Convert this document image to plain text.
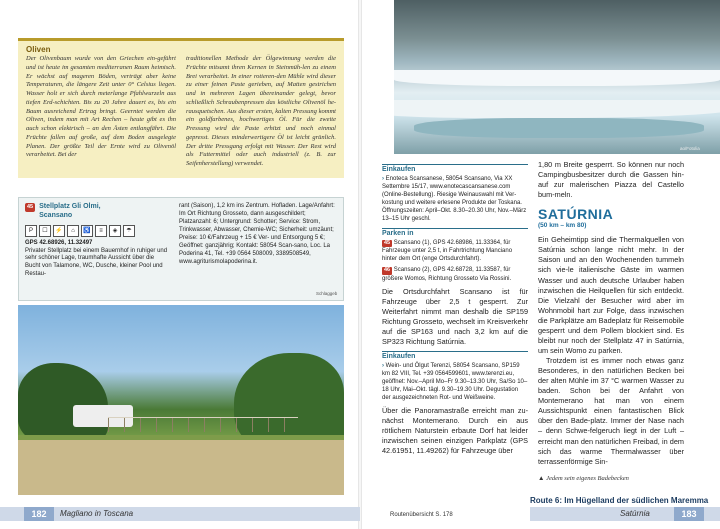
Oliven

Der Olivenbaum wurde von den Griechen ein-geführt und ist heute im gesamten mediterranen Raum heimisch. Er wächst auf mageren Böden, verträgt aber keine Temperaturen, die längere Zeit unter 0° Celsius liegen. Wasser holt er sich durch meterlange Pfahlwurzeln aus tiefen Erd-schichten. Bis zu 20 Jahre dauert es, bis ein Baum ausreichend Ertrag bringt. Geerntet werden die Oliven, indem man mit Art Rechen – heute gibt es ihn auch schon elektrisch – an den Ästen entlangfährt. Die Früchte fallen auf große, auf dem Boden ausgelegte Planen. Der größte Teil der Ernte wird zu Olivenöl verarbeitet. Bei der

traditionellen Methode der Ölgewinnung werden die Früchte mitsamt ihren Kernen in Steinmüh-len zu einem Brei verarbeitet. In einer rotieren-den Mühle wird dieser zu einer feinen Paste gerieben, auf Matten gestrichen und in mehreren Lagen übereinander gelegt, bevor schließlich Schraubenpressen das köstliche Olivenöl he-rausquetschen. Aus dieser ersten, kalten Pressung kommt ein goldfarbenes, hochwertiges Öl. Für die zweite Pressung wird die Paste erhitzt und noch einmal gepresst. Dieses minderwertigere Öl ist leicht grünlich. Der dritte Pressgang erfolgt mit Wasser. Der Rest wird als Futtermittel oder auch industriell (z. B. zur Seifenherstellung) verwendet.

45 Stellplatz Gli Olmi,
Scansano
P	☐	⚡	⌂	♿	≡	◈	☂
GPS 42.68926, 11.32497

Privater Stellplatz bei einem Bauernhof in ruhiger und sehr schöner Lage, traumhafte Aussicht über die Bucht von Talamone, WC, Dusche, kleiner Pool und Restau-

rant (Saison), 1,2 km ins Zentrum. Hofladen. Lage/Anfahrt: Im Ort Richtung Grosseto, dann ausgeschildert; Platzanzahl: 6; Untergrund: Schotter; Service: Strom, Trinkwasser, Abwasser, Chemie-WC; Sicherheit: umzäunt; Preise: 10 €/Fahrzeug + 15 € Ver- und Entsorgung 5 €; Geöffnet: ganzjährig; Kontakt: 58054 Scan-sano, Loc. La Poderina 41, Tel. +39 0564 508009, 3389508549, www.agriturismolapoderina.it.
Schlaggeb
ao/Fotolia
Einkaufen

› Enoteca Scansanese, 58054 Scansano, Via XX Settembre 15/17, www.enotecascansanese.com (Online-Bestellung). Riesige Weinauswahl mit Ver-kostung und weitere erlesene Produkte der Toskana. Öffnungszeiten: April–Okt. 8.30–20.30 Uhr, Nov.–März 13–15 Uhr geschl.

Parken in

45 Scansano (1), GPS 42.68986, 11.33364, für Fahrzeuge unter 2,5 t, in Fahrtrichtung Manciano hinter dem Ort (enge Ortsdurchfahrt).

46 Scansano (2), GPS 42.68728, 11.33587, für größere Womos, Richtung Grosseto Via Rossini.

Die Ortsdurchfahrt Scansano ist für Fahrzeuge über 2,5 t gesperrt. Zur Weiterfahrt nimmt man deshalb die SP159 Richtung Grosseto, wechselt im Kreisverkehr auf die SP163 und nach 3,2 km auf die SP323 Richtung Satúrnia.

Einkaufen

› Wein- und Ölgut Terenzi, 58054 Scansano, SP159 km 82 VIII, Tel. +39 0564599601, www.terenzi.eu, geöffnet: Nov.–April Mo–Fr 9.30–13.30 Uhr, Sa/So 10–18 Uhr, Mai–Okt. tägl. 9.30–19.30 Uhr. Degustation der ausgezeichneten Rot- und Weißweine.

Über die Panoramastraße erreicht man zu-nächst Montemerano. Durch ein aus rötlichem Naturstein erbaute Dorf hat leider inzwischen seinen einzigen Parkplatz (GPS 42.61951, 11.49262) für Fahrzeuge über

1,80 m Breite gesperrt. So können nur noch Campingbusbesitzer durch die Gassen hin-auf zur malerischen Piazza del Castello bum-meln.

SATÚRNIA
(50 km – km 80)

Ein Geheimtipp sind die Thermalquellen von Satúrnia schon lange nicht mehr. In der Saison und an den Wochenenden tummeln sich vie-le italienische Gäste im warmen Wasser und auch deutsche Urlauber haben inzwischen die Heilquellen für sich entdeckt. Die Vielzahl der Besucher wird aber im Wohnmobil hart zur Folge, dass inzwischen die Parkplätze am Badeplatz für Reisemobile gesperrt und dem Pollem blockiert sind. Es bleibt nur noch der Stellplatz 47 in Satúrnia, um sein Womo zu parken.

Trotzdem ist es immer noch etwas ganz Besonderes, in den natürlichen Becken bei der alten Mühle im 37 °C warmen Wasser zu baden. Schon bei der Anfahrt von Montemerano hat man von einem Aussichtspunkt einen fantastischen Blick über den Bade-platz. Immer der Nase nach – denn Schwe-felgeruch liegt in der Luft – erreicht man den natürlichen Freibad, in dem sich das warme Thermalwasser über terrassenförmige Sin-

▲ Jedem sein eigenes Badebecken
182	Magliano in Toscana	Routenübersicht S. 178
Route 6: Im Hügelland der südlichen Maremma
Satúrnia	183
